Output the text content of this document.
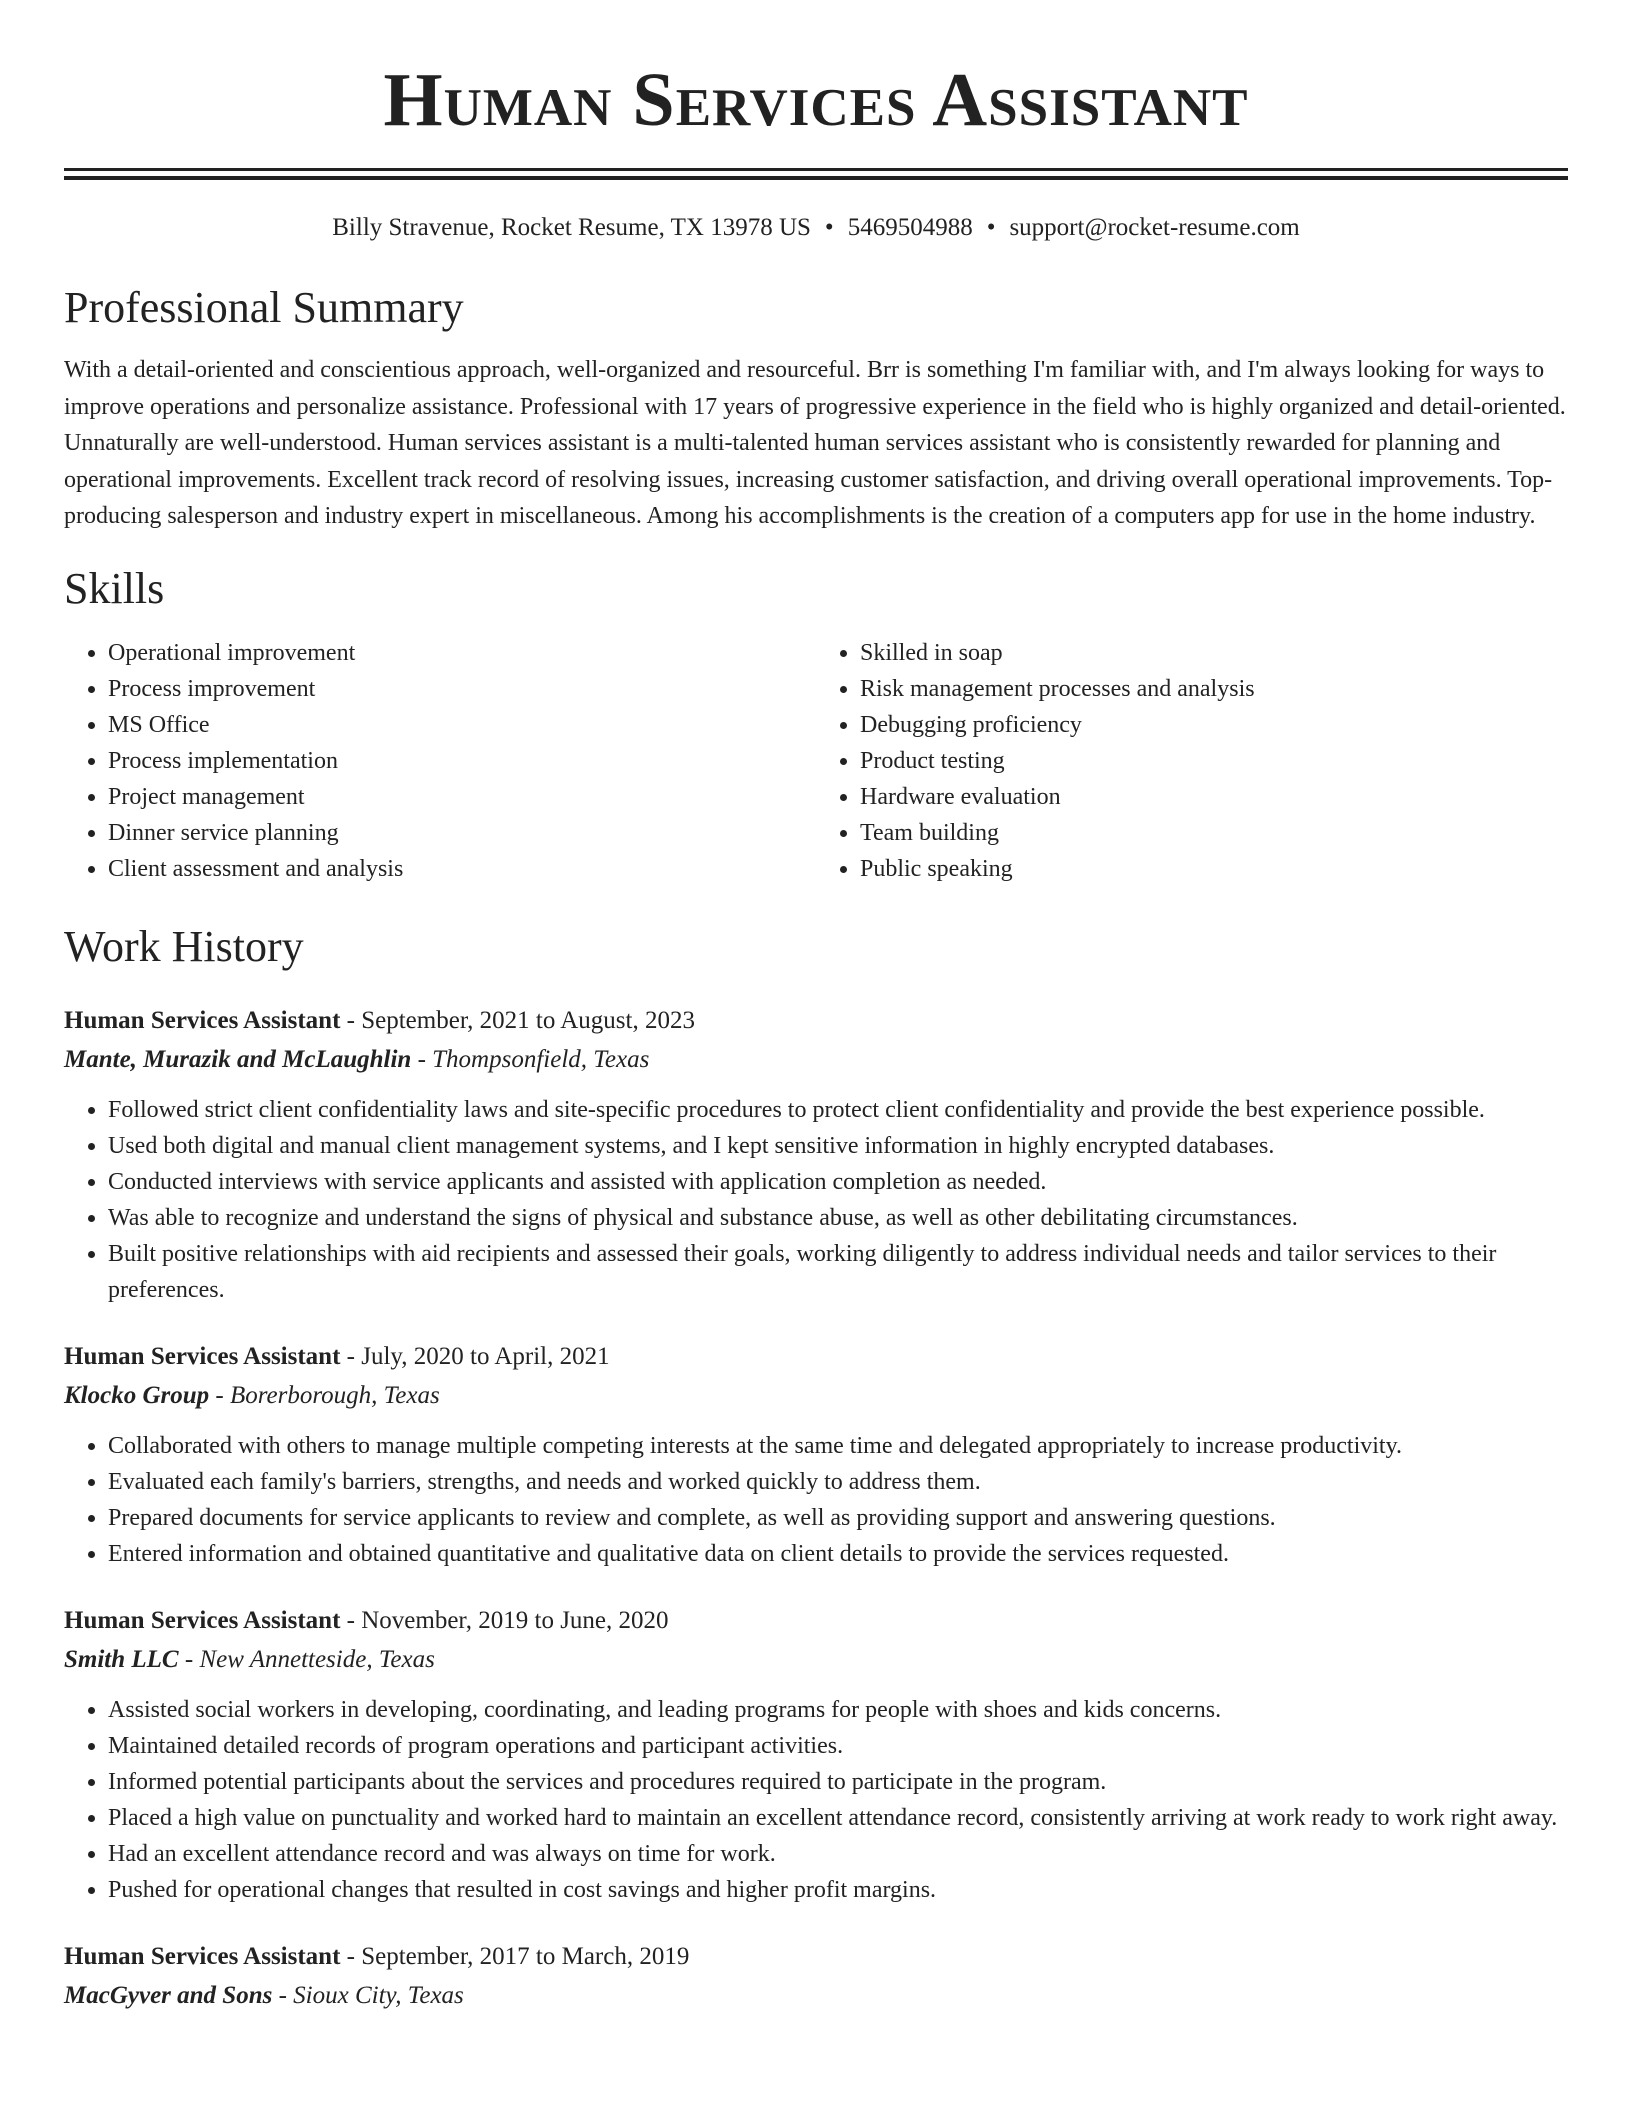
Human Services Assistant
Billy Stravenue, Rocket Resume, TX 13978 US • 5469504988 • support@rocket-resume.com
Professional Summary

With a detail-oriented and conscientious approach, well-organized and resourceful. Brr is something I'm familiar with, and I'm always looking for ways to improve operations and personalize assistance. Professional with 17 years of progressive experience in the field who is highly organized and detail-oriented. Unnaturally are well-understood. Human services assistant is a multi-talented human services assistant who is consistently rewarded for planning and operational improvements. Excellent track record of resolving issues, increasing customer satisfaction, and driving overall operational improvements. Top-producing salesperson and industry expert in miscellaneous. Among his accomplishments is the creation of a computers app for use in the home industry.

Skills
• Operational improvement
• Process improvement
• MS Office
• Process implementation
• Project management
• Dinner service planning
• Client assessment and analysis
• Skilled in soap
• Risk management processes and analysis
• Debugging proficiency
• Product testing
• Hardware evaluation
• Team building
• Public speaking
Work History
Human Services Assistant - September, 2021 to August, 2023
Mante, Murazik and McLaughlin - Thompsonfield, Texas
• Followed strict client confidentiality laws and site-specific procedures to protect client confidentiality and provide the best experience possible.
• Used both digital and manual client management systems, and I kept sensitive information in highly encrypted databases.
• Conducted interviews with service applicants and assisted with application completion as needed.
• Was able to recognize and understand the signs of physical and substance abuse, as well as other debilitating circumstances.
• Built positive relationships with aid recipients and assessed their goals, working diligently to address individual needs and tailor services to their preferences.
Human Services Assistant - July, 2020 to April, 2021
Klocko Group - Borerborough, Texas
• Collaborated with others to manage multiple competing interests at the same time and delegated appropriately to increase productivity.
• Evaluated each family's barriers, strengths, and needs and worked quickly to address them.
• Prepared documents for service applicants to review and complete, as well as providing support and answering questions.
• Entered information and obtained quantitative and qualitative data on client details to provide the services requested.
Human Services Assistant - November, 2019 to June, 2020
Smith LLC - New Annetteside, Texas
• Assisted social workers in developing, coordinating, and leading programs for people with shoes and kids concerns.
• Maintained detailed records of program operations and participant activities.
• Informed potential participants about the services and procedures required to participate in the program.
• Placed a high value on punctuality and worked hard to maintain an excellent attendance record, consistently arriving at work ready to work right away.
• Had an excellent attendance record and was always on time for work.
• Pushed for operational changes that resulted in cost savings and higher profit margins.
Human Services Assistant - September, 2017 to March, 2019
MacGyver and Sons - Sioux City, Texas
